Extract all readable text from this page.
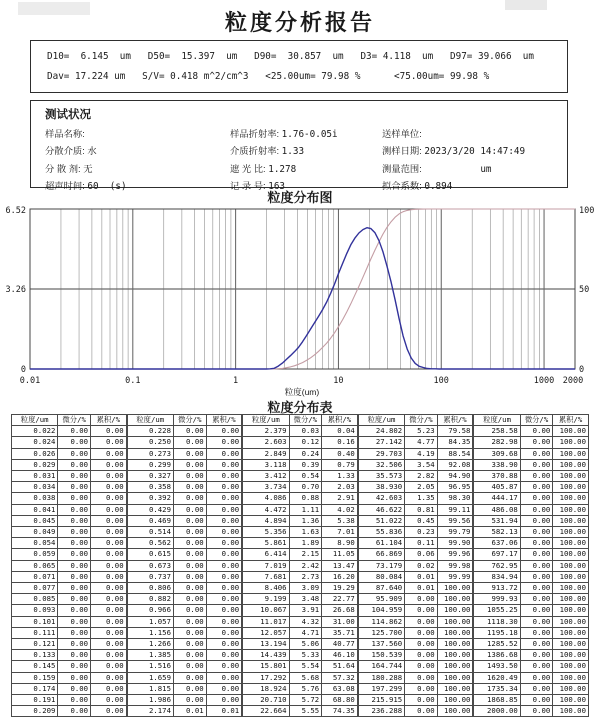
粒度分析报告
D10=  6.145  um   D50=  15.397  um   D90=  30.857  um   D3= 4.118  um   D97= 39.066  um
Dav= 17.224 um   S/V= 0.418 m^2/cm^3   <25.00um= 79.98 %      <75.00um= 99.98 %
测试状况
样品名称:	样品折射率: 1.76-0.05i	送样单位:
分散介质: 水	介质折射率: 1.33	测样日期: 2023/3/20 14:47:49
分 散 剂: 无	遮 光 比: 1.278	测量范围:           um
超声时间: 60  (s)	记 录 号: 163	拟合系数: 0.894
粒度分布图
6.52
3.26
0
100
50
0
0.01	0.1	1	10	100	1000 2000
粒度(um)
粒度分布表
粒度/um	微分/%	累积/%
0.022	0.00	0.00
0.024	0.00	0.00
0.026	0.00	0.00
0.029	0.00	0.00
0.031	0.00	0.00
0.034	0.00	0.00
0.038	0.00	0.00
0.041	0.00	0.00
0.045	0.00	0.00
0.049	0.00	0.00
0.054	0.00	0.00
0.059	0.00	0.00
0.065	0.00	0.00
0.071	0.00	0.00
0.077	0.00	0.00
0.085	0.00	0.00
0.093	0.00	0.00
0.101	0.00	0.00
0.111	0.00	0.00
0.121	0.00	0.00
0.133	0.00	0.00
0.145	0.00	0.00
0.159	0.00	0.00
0.174	0.00	0.00
0.191	0.00	0.00
0.209	0.00	0.00
粒度/um	微分/%	累积/%
0.228	0.00	0.00
0.250	0.00	0.00
0.273	0.00	0.00
0.299	0.00	0.00
0.327	0.00	0.00
0.358	0.00	0.00
0.392	0.00	0.00
0.429	0.00	0.00
0.469	0.00	0.00
0.514	0.00	0.00
0.562	0.00	0.00
0.615	0.00	0.00
0.673	0.00	0.00
0.737	0.00	0.00
0.806	0.00	0.00
0.882	0.00	0.00
0.966	0.00	0.00
1.057	0.00	0.00
1.156	0.00	0.00
1.266	0.00	0.00
1.385	0.00	0.00
1.516	0.00	0.00
1.659	0.00	0.00
1.815	0.00	0.00
1.986	0.00	0.00
2.174	0.01	0.01
粒度/um	微分/%	累积/%
2.379	0.03	0.04
2.603	0.12	0.16
2.849	0.24	0.40
3.118	0.39	0.79
3.412	0.54	1.33
3.734	0.70	2.03
4.086	0.88	2.91
4.472	1.11	4.02
4.894	1.36	5.38
5.356	1.63	7.01
5.861	1.89	8.90
6.414	2.15	11.05
7.019	2.42	13.47
7.681	2.73	16.20
8.406	3.09	19.29
9.199	3.48	22.77
10.067	3.91	26.68
11.017	4.32	31.00
12.057	4.71	35.71
13.194	5.06	40.77
14.439	5.33	46.10
15.801	5.54	51.64
17.292	5.68	57.32
18.924	5.76	63.08
20.710	5.72	68.80
22.664	5.55	74.35
粒度/um	微分/%	累积/%
24.802	5.23	79.58
27.142	4.77	84.35
29.703	4.19	88.54
32.506	3.54	92.08
35.573	2.82	94.90
38.930	2.05	96.95
42.603	1.35	98.30
46.622	0.81	99.11
51.022	0.45	99.56
55.836	0.23	99.79
61.104	0.11	99.90
66.869	0.06	99.96
73.179	0.02	99.98
80.084	0.01	99.99
87.640	0.01	100.00
95.909	0.00	100.00
104.959	0.00	100.00
114.862	0.00	100.00
125.700	0.00	100.00
137.560	0.00	100.00
150.539	0.00	100.00
164.744	0.00	100.00
180.288	0.00	100.00
197.299	0.00	100.00
215.915	0.00	100.00
236.288	0.00	100.00
粒度/um	微分/%	累积/%
258.58	0.00	100.00
282.98	0.00	100.00
309.68	0.00	100.00
338.90	0.00	100.00
370.88	0.00	100.00
405.87	0.00	100.00
444.17	0.00	100.00
486.08	0.00	100.00
531.94	0.00	100.00
582.13	0.00	100.00
637.06	0.00	100.00
697.17	0.00	100.00
762.95	0.00	100.00
834.94	0.00	100.00
913.72	0.00	100.00
999.93	0.00	100.00
1055.25	0.00	100.00
1118.30	0.00	100.00
1195.18	0.00	100.00
1285.52	0.00	100.00
1386.68	0.00	100.00
1493.50	0.00	100.00
1620.49	0.00	100.00
1735.34	0.00	100.00
1868.85	0.00	100.00
2000.00	0.00	100.00
